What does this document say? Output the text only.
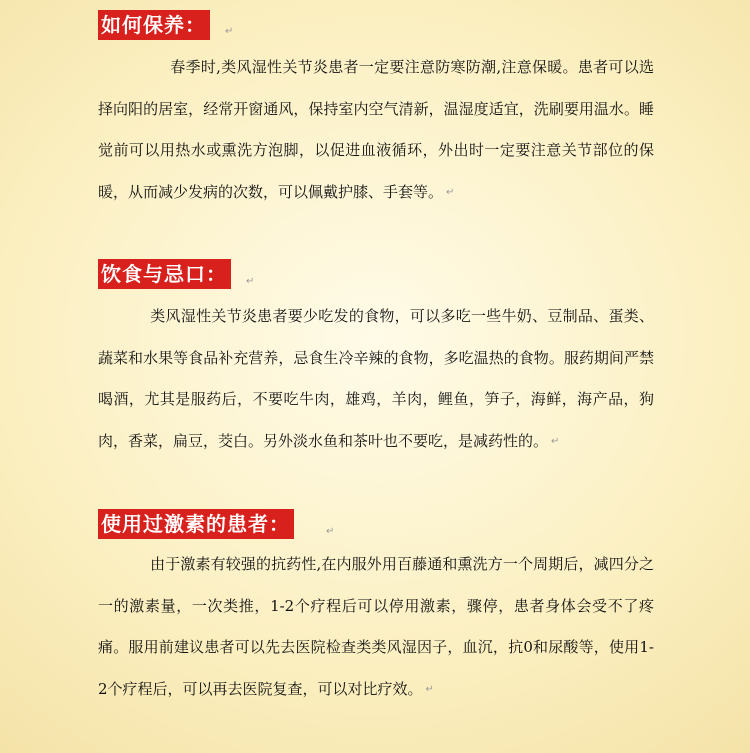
如何保养：	↵

春季时,类风湿性关节炎患者一定要注意防寒防潮,注意保暖。患者可以选择向阳的居室，经常开窗通风，保持室内空气清新，温湿度适宜，洗刷要用温水。睡觉前可以用热水或熏洗方泡脚，以促进血液循环，外出时一定要注意关节部位的保暖，从而减少发病的次数，可以佩戴护膝、手套等。 ↵

饮食与忌口：	↵

类风湿性关节炎患者要少吃发的食物，可以多吃一些牛奶、豆制品、蛋类、蔬菜和水果等食品补充营养，忌食生冷辛辣的食物，多吃温热的食物。服药期间严禁喝酒，尤其是服药后，不要吃牛肉，雄鸡，羊肉，鲤鱼，笋子，海鲜，海产品，狗肉，香菜，扁豆，茭白。另外淡水鱼和茶叶也不要吃，是减药性的。 ↵

使用过激素的患者：	↵

由于激素有较强的抗药性,在内服外用百藤通和熏洗方一个周期后，减四分之一的激素量，一次类推，1-2个疗程后可以停用激素，骤停，患者身体会受不了疼痛。服用前建议患者可以先去医院检查类类风湿因子，血沉，抗0和尿酸等，使用1-2个疗程后，可以再去医院复查，可以对比疗效。 ↵
